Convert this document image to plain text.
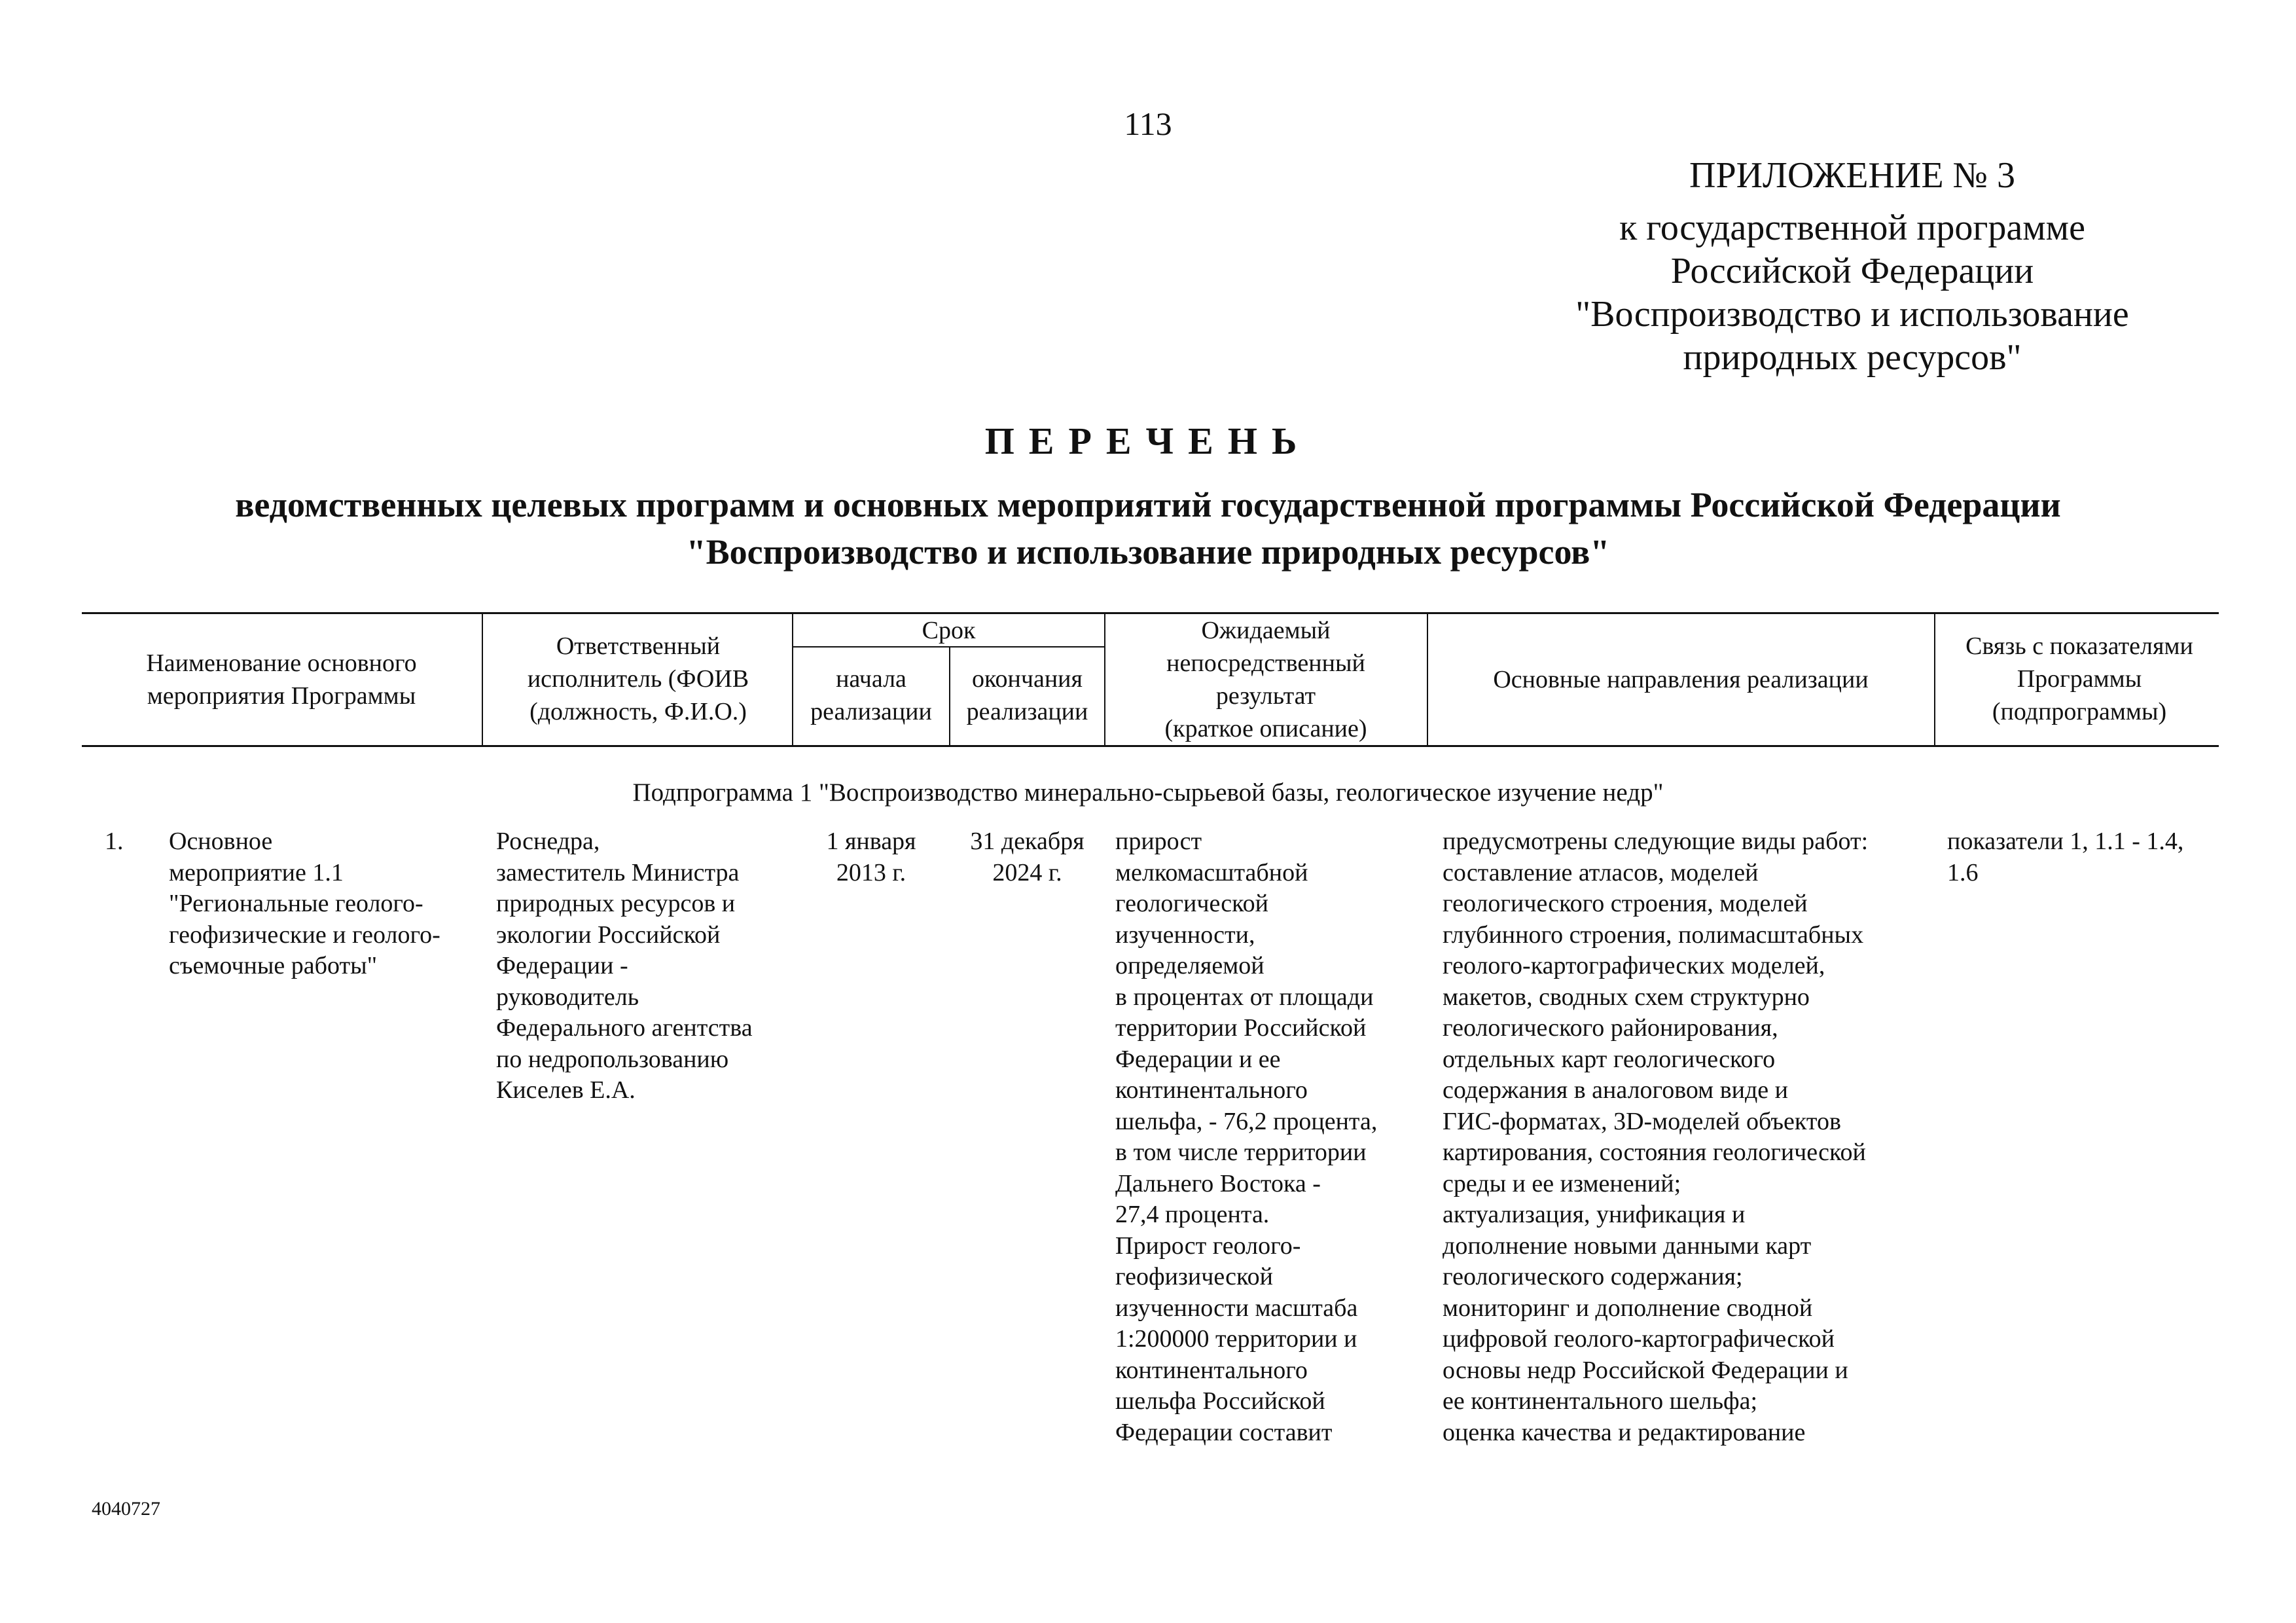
113
ПРИЛОЖЕНИЕ № 3
к государственной программе
Российской Федерации
"Воспроизводство и использование
природных ресурсов"
ПЕРЕЧЕНЬ
ведомственных целевых программ и основных мероприятий государственной программы Российской Федерации
"Воспроизводство и использование природных ресурсов"
Наименование основного
мероприятия Программы
Ответственный
исполнитель (ФОИВ
(должность, Ф.И.О.)
Срок
начала
реализации
окончания
реализации
Ожидаемый
непосредственный
результат
(краткое описание)
Основные направления реализации
Связь с показателями
Программы
(подпрограммы)
Подпрограмма 1 "Воспроизводство минерально-сырьевой базы, геологическое изучение недр"
1. Основное
мероприятие 1.1
"Региональные геолого-
геофизические и геолого-
съемочные работы"
Роснедра,
заместитель Министра
природных ресурсов и
экологии Российской
Федерации -
руководитель
Федерального агентства
по недропользованию
Киселев Е.А.
1 января
2013 г.
31 декабря
2024 г.
прирост
мелкомасштабной
геологической
изученности,
определяемой
в процентах от площади
территории Российской
Федерации и ее
континентального
шельфа, - 76,2 процента,
в том числе территории
Дальнего Востока -
27,4 процента.
Прирост геолого-
геофизической
изученности масштаба
1:200000 территории и
континентального
шельфа Российской
Федерации составит
предусмотрены следующие виды работ:
составление атласов, моделей
геологического строения, моделей
глубинного строения, полимасштабных
геолого-картографических моделей,
макетов, сводных схем структурно
геологического районирования,
отдельных карт геологического
содержания в аналоговом виде и
ГИС-форматах, 3D-моделей объектов
картирования, состояния геологической
среды и ее изменений;
актуализация, унификация и
дополнение новыми данными карт
геологического содержания;
мониторинг и дополнение сводной
цифровой геолого-картографической
основы недр Российской Федерации и
ее континентального шельфа;
оценка качества и редактирование
показатели 1, 1.1 - 1.4,
1.6
4040727
